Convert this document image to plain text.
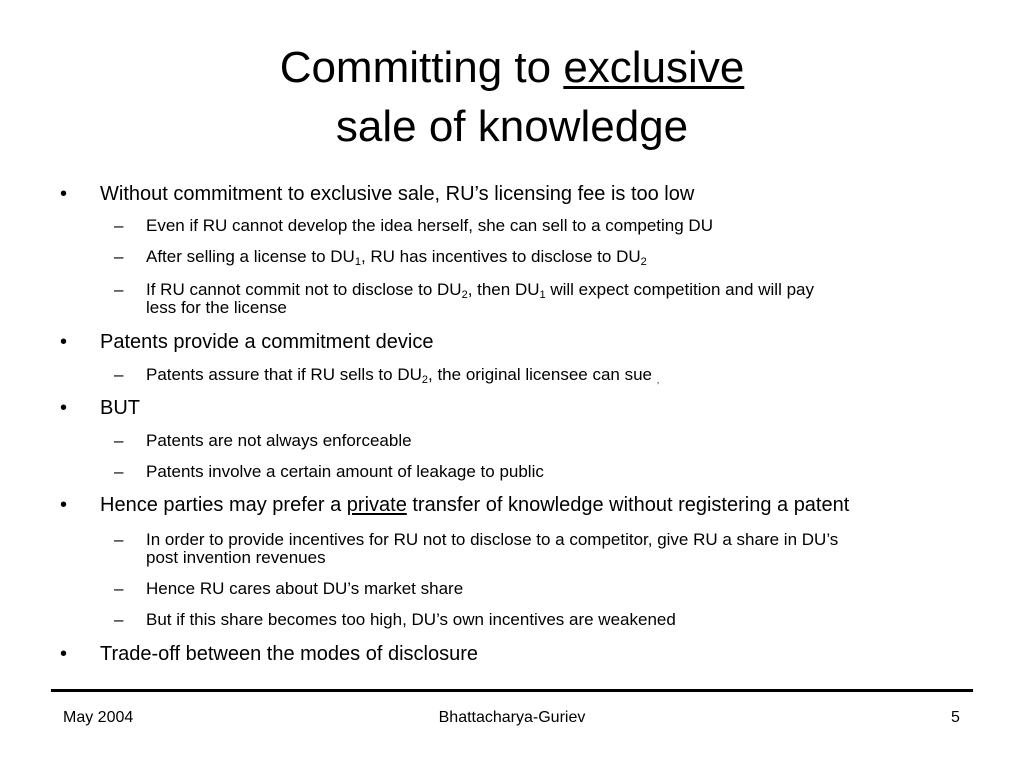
Committing to exclusive
sale of knowledge
• Without commitment to exclusive sale, RU’s licensing fee is too low
– Even if RU cannot develop the idea herself, she can sell to a competing DU
– After selling a license to $DU_1$, RU has incentives to disclose to $DU_2$
– If RU cannot commit not to disclose to $DU_2$, then $DU_1$ will expect competition and will pay
less for the license
• Patents provide a commitment device
– Patents assure that if RU sells to $DU_2$, the original licensee can sue $_,$
• BUT
– Patents are not always enforceable
– Patents involve a certain amount of leakage to public
• Hence parties may prefer a private transfer of knowledge without registering a patent
– In order to provide incentives for RU not to disclose to a competitor, give RU a share in DU’s
post invention revenues
– Hence RU cares about DU’s market share
– But if this share becomes too high, DU’s own incentives are weakened
• Trade-off between the modes of disclosure
May 2004	Bhattacharya-Guriev	5
